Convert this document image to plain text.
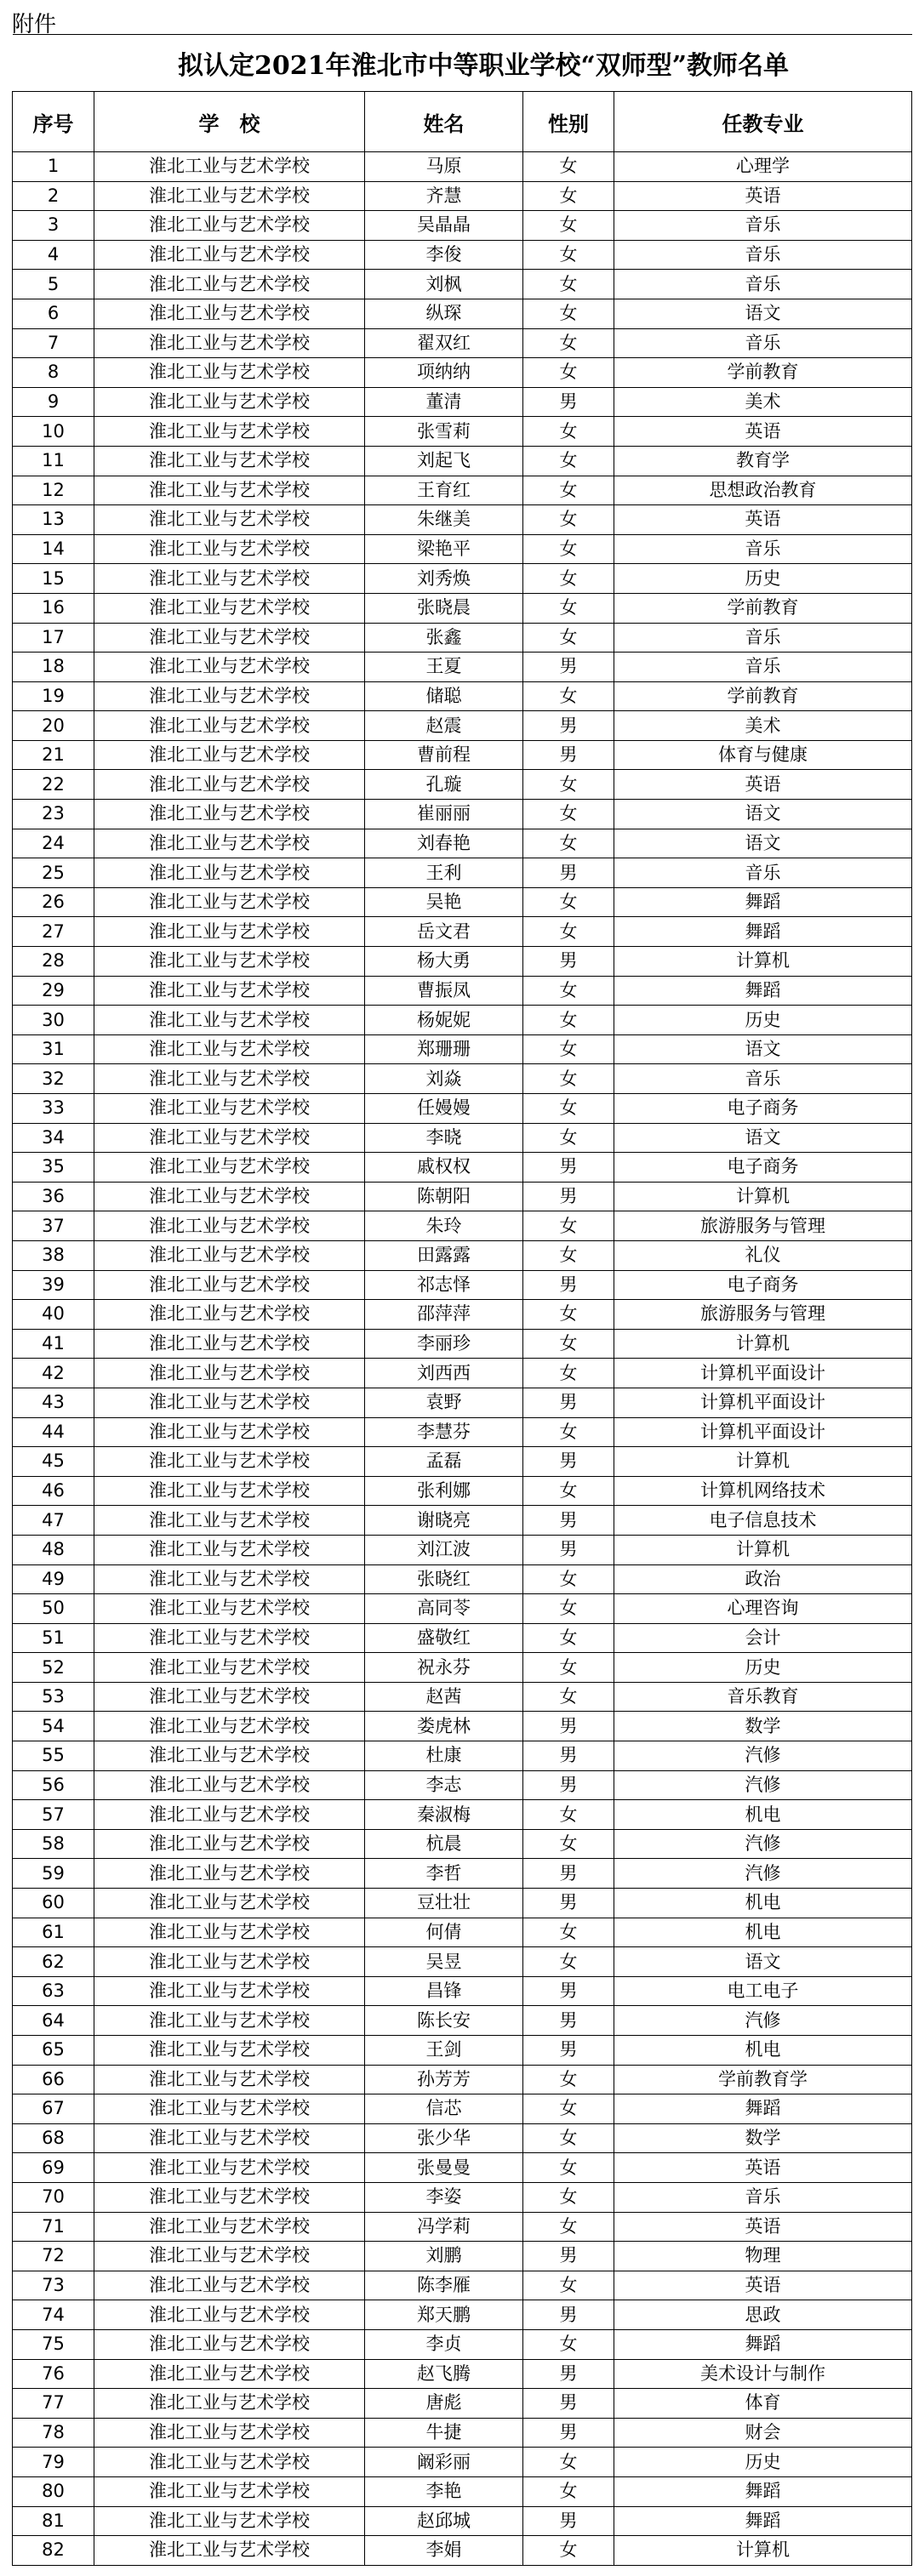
附件
拟认定2021年淮北市中等职业学校“双师型”教师名单				
序号	学　校	姓名	性别	任教专业
1	淮北工业与艺术学校	马原	女	心理学
2	淮北工业与艺术学校	齐慧	女	英语
3	淮北工业与艺术学校	吴晶晶	女	音乐
4	淮北工业与艺术学校	李俊	女	音乐
5	淮北工业与艺术学校	刘枫	女	音乐
6	淮北工业与艺术学校	纵琛	女	语文
7	淮北工业与艺术学校	翟双红	女	音乐
8	淮北工业与艺术学校	项纳纳	女	学前教育
9	淮北工业与艺术学校	董清	男	美术
10	淮北工业与艺术学校	张雪莉	女	英语
11	淮北工业与艺术学校	刘起飞	女	教育学
12	淮北工业与艺术学校	王育红	女	思想政治教育
13	淮北工业与艺术学校	朱继美	女	英语
14	淮北工业与艺术学校	梁艳平	女	音乐
15	淮北工业与艺术学校	刘秀焕	女	历史
16	淮北工业与艺术学校	张晓晨	女	学前教育
17	淮北工业与艺术学校	张鑫	女	音乐
18	淮北工业与艺术学校	王夏	男	音乐
19	淮北工业与艺术学校	储聪	女	学前教育
20	淮北工业与艺术学校	赵震	男	美术
21	淮北工业与艺术学校	曹前程	男	体育与健康
22	淮北工业与艺术学校	孔璇	女	英语
23	淮北工业与艺术学校	崔丽丽	女	语文
24	淮北工业与艺术学校	刘春艳	女	语文
25	淮北工业与艺术学校	王利	男	音乐
26	淮北工业与艺术学校	吴艳	女	舞蹈
27	淮北工业与艺术学校	岳文君	女	舞蹈
28	淮北工业与艺术学校	杨大勇	男	计算机
29	淮北工业与艺术学校	曹振凤	女	舞蹈
30	淮北工业与艺术学校	杨妮妮	女	历史
31	淮北工业与艺术学校	郑珊珊	女	语文
32	淮北工业与艺术学校	刘焱	女	音乐
33	淮北工业与艺术学校	任嫚嫚	女	电子商务
34	淮北工业与艺术学校	李晓	女	语文
35	淮北工业与艺术学校	戚权权	男	电子商务
36	淮北工业与艺术学校	陈朝阳	男	计算机
37	淮北工业与艺术学校	朱玲	女	旅游服务与管理
38	淮北工业与艺术学校	田露露	女	礼仪
39	淮北工业与艺术学校	祁志怿	男	电子商务
40	淮北工业与艺术学校	邵萍萍	女	旅游服务与管理
41	淮北工业与艺术学校	李丽珍	女	计算机
42	淮北工业与艺术学校	刘西西	女	计算机平面设计
43	淮北工业与艺术学校	袁野	男	计算机平面设计
44	淮北工业与艺术学校	李慧芬	女	计算机平面设计
45	淮北工业与艺术学校	孟磊	男	计算机
46	淮北工业与艺术学校	张利娜	女	计算机网络技术
47	淮北工业与艺术学校	谢晓亮	男	电子信息技术
48	淮北工业与艺术学校	刘江波	男	计算机
49	淮北工业与艺术学校	张晓红	女	政治
50	淮北工业与艺术学校	高同苓	女	心理咨询
51	淮北工业与艺术学校	盛敬红	女	会计
52	淮北工业与艺术学校	祝永芬	女	历史
53	淮北工业与艺术学校	赵茜	女	音乐教育
54	淮北工业与艺术学校	娄虎林	男	数学
55	淮北工业与艺术学校	杜康	男	汽修
56	淮北工业与艺术学校	李志	男	汽修
57	淮北工业与艺术学校	秦淑梅	女	机电
58	淮北工业与艺术学校	杭晨	女	汽修
59	淮北工业与艺术学校	李哲	男	汽修
60	淮北工业与艺术学校	豆壮壮	男	机电
61	淮北工业与艺术学校	何倩	女	机电
62	淮北工业与艺术学校	吴昱	女	语文
63	淮北工业与艺术学校	昌锋	男	电工电子
64	淮北工业与艺术学校	陈长安	男	汽修
65	淮北工业与艺术学校	王剑	男	机电
66	淮北工业与艺术学校	孙芳芳	女	学前教育学
67	淮北工业与艺术学校	信芯	女	舞蹈
68	淮北工业与艺术学校	张少华	女	数学
69	淮北工业与艺术学校	张曼曼	女	英语
70	淮北工业与艺术学校	李姿	女	音乐
71	淮北工业与艺术学校	冯学莉	女	英语
72	淮北工业与艺术学校	刘鹏	男	物理
73	淮北工业与艺术学校	陈李雁	女	英语
74	淮北工业与艺术学校	郑天鹏	男	思政
75	淮北工业与艺术学校	李贞	女	舞蹈
76	淮北工业与艺术学校	赵飞腾	男	美术设计与制作
77	淮北工业与艺术学校	唐彪	男	体育
78	淮北工业与艺术学校	牛捷	男	财会
79	淮北工业与艺术学校	阚彩丽	女	历史
80	淮北工业与艺术学校	李艳	女	舞蹈
81	淮北工业与艺术学校	赵邱城	男	舞蹈
82	淮北工业与艺术学校	李娟	女	计算机
